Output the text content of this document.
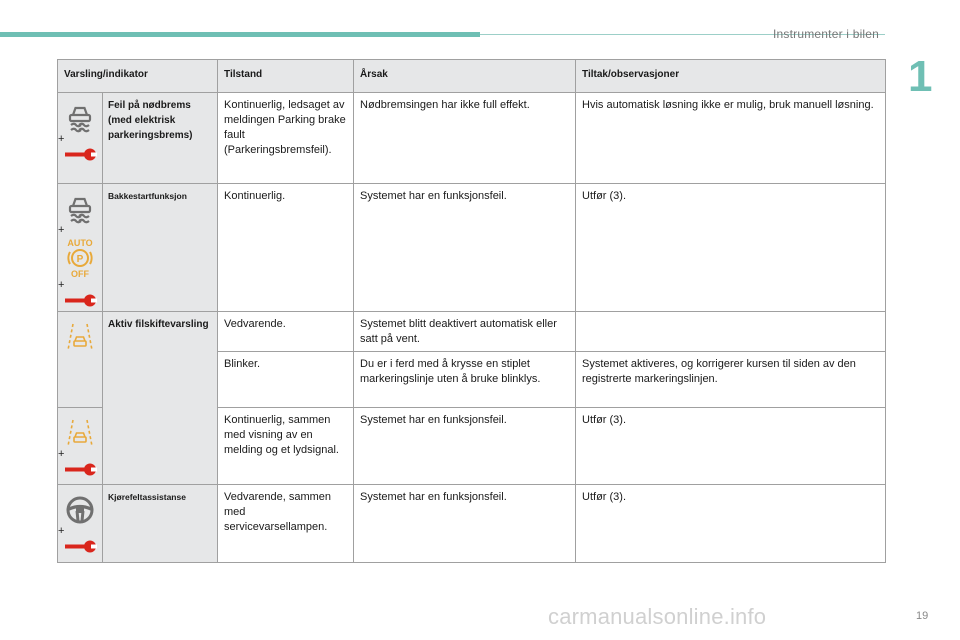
Instrumenter i bilen
1
Varsling/indikator		Tilstand	Årsak	Tiltak/observasjoner

+	Feil på nødbrems (med elektrisk parkeringsbrems)	Kontinuerlig, ledsaget av meldingen Parking brake fault (Parkeringsbremsfeil).	Nødbremsingen har ikke full effekt.	Hvis automatisk løsning ikke er mulig, bruk manuell løsning.

+
AUTO
P
OFF
+	Bakkestartfunksjon	Kontinuerlig.	Systemet har en funksjonsfeil.	Utfør (3).

	Aktiv filskiftevarsling	Vedvarende.	Systemet blitt deaktivert automatisk eller satt på vent.	
		Blinker.	Du er i ferd med å krysse en stiplet markeringslinje uten å bruke blinklys.	Systemet aktiveres, og korrigerer kursen til siden av den registrerte markeringslinjen.

+		Kontinuerlig, sammen med visning av en melding og et lydsignal.	Systemet har en funksjonsfeil.	Utfør (3).

+	Kjørefeltassistanse	Vedvarende, sammen med servicevarsellampen.	Systemet har en funksjonsfeil.	Utfør (3).
carmanualsonline.info	19
